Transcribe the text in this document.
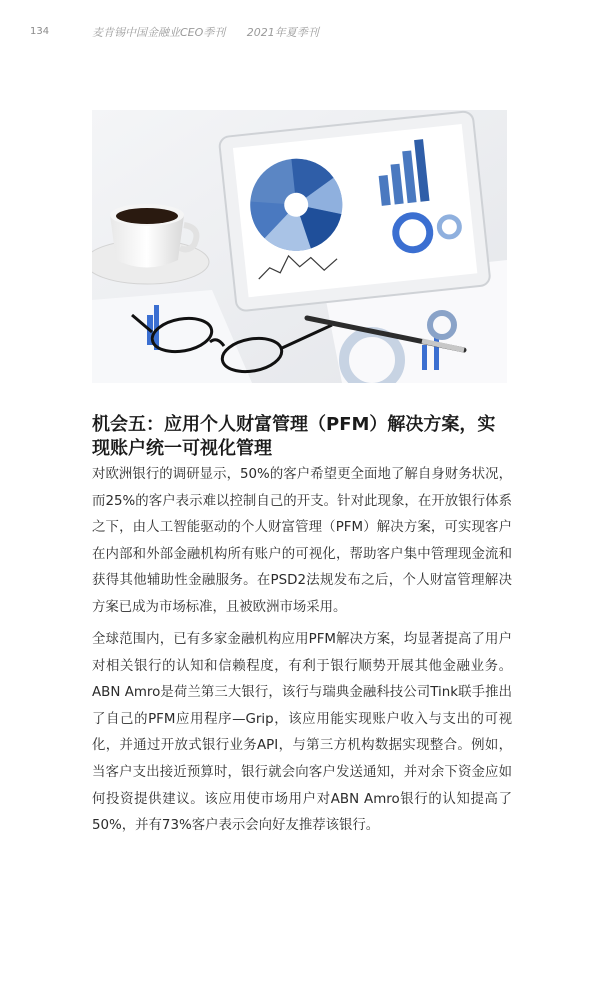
134	麦肯锡中国金融业CEO季刊 2021年夏季刊
机会五：应用个人财富管理（PFM）解决方案，实现账户统一可视化管理

对欧洲银行的调研显示，50%的客户希望更全面地了解自身财务状况，而25%的客户表示难以控制自己的开支。针对此现象，在开放银行体系之下，由人工智能驱动的个人财富管理（PFM）解决方案，可实现客户在内部和外部金融机构所有账户的可视化，帮助客户集中管理现金流和获得其他辅助性金融服务。在PSD2法规发布之后，个人财富管理解决方案已成为市场标准，且被欧洲市场采用。

全球范围内，已有多家金融机构应用PFM解决方案，均显著提高了用户对相关银行的认知和信赖程度，有利于银行顺势开展其他金融业务。ABN Amro是荷兰第三大银行，该行与瑞典金融科技公司Tink联手推出了自己的PFM应用程序—Grip，该应用能实现账户收入与支出的可视化，并通过开放式银行业务API，与第三方机构数据实现整合。例如，当客户支出接近预算时，银行就会向客户发送通知，并对余下资金应如何投资提供建议。该应用使市场用户对ABN Amro银行的认知提高了50%，并有73%客户表示会向好友推荐该银行。
